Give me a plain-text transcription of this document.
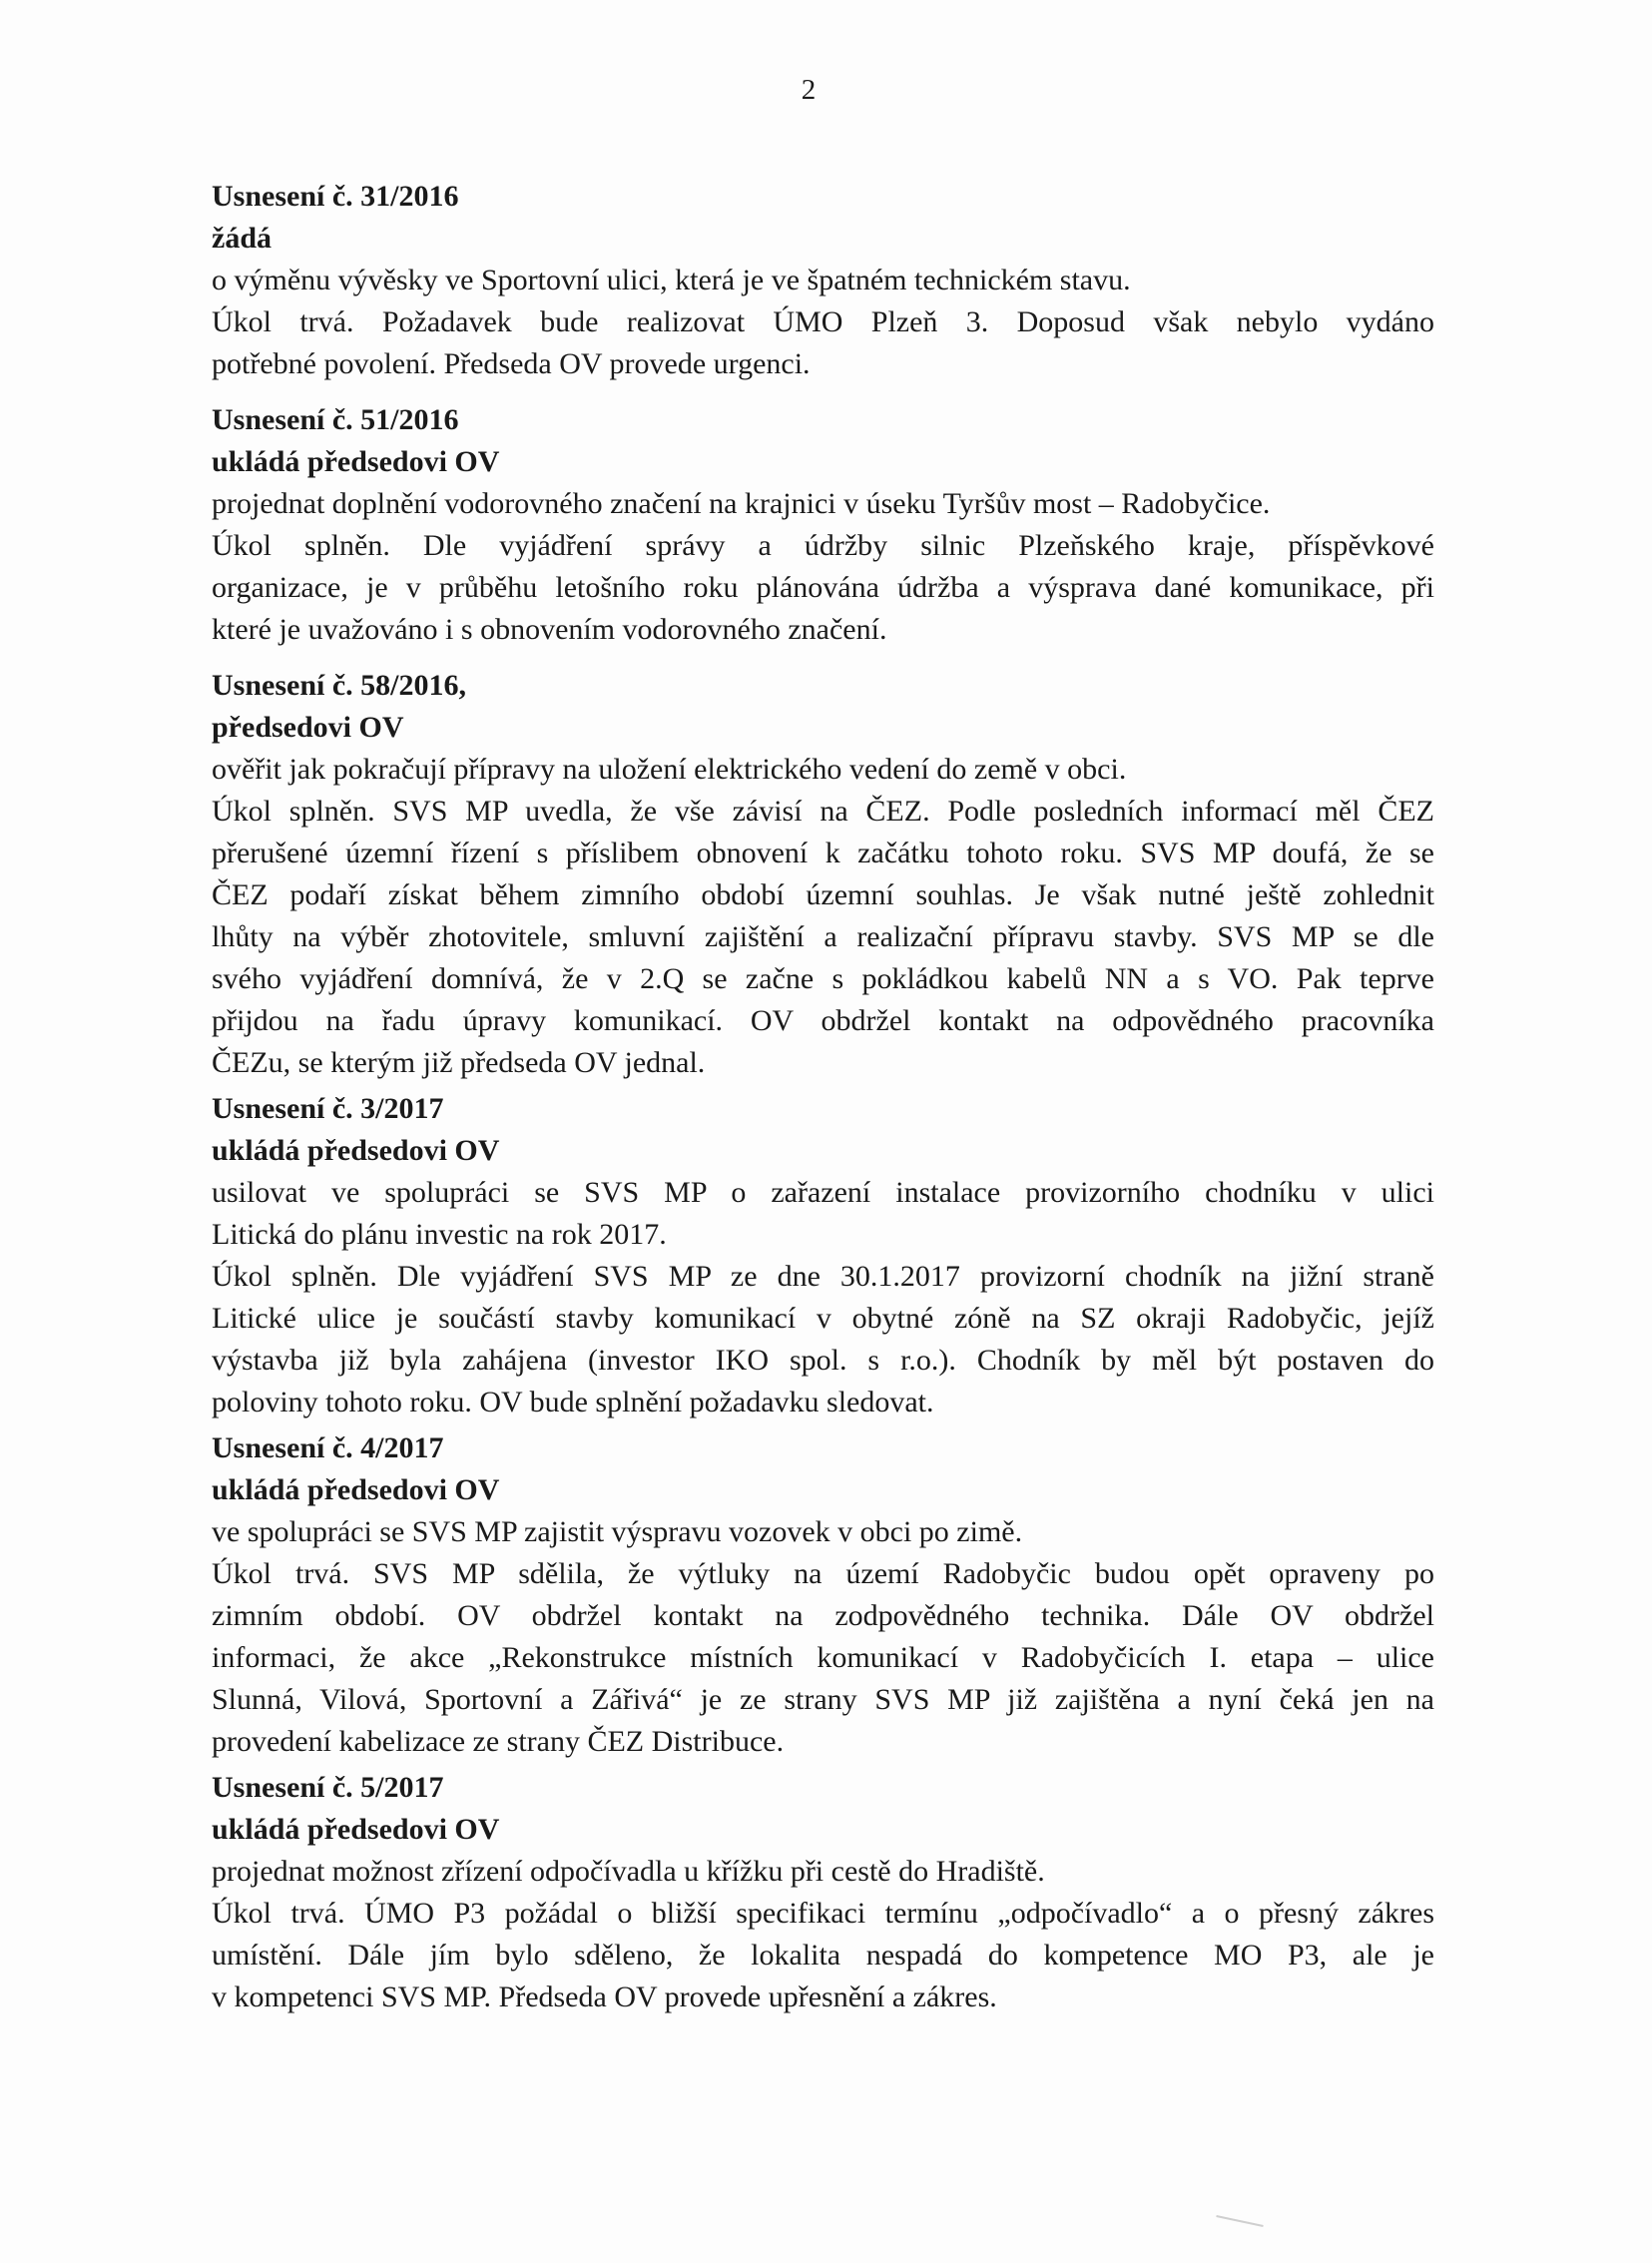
2
Usnesení č. 31/2016
žádá
o výměnu vývěsky ve Sportovní ulici, která je ve špatném technickém stavu.
Úkol trvá. Požadavek bude realizovat ÚMO Plzeň 3. Doposud však nebylo vydáno
potřebné povolení. Předseda OV provede urgenci.
Usnesení č. 51/2016
ukládá předsedovi OV
projednat doplnění vodorovného značení na krajnici v úseku Tyršův most – Radobyčice.
Úkol splněn. Dle vyjádření správy a údržby silnic Plzeňského kraje, příspěvkové
organizace, je v průběhu letošního roku plánována údržba a výsprava dané komunikace, při
které je uvažováno i s obnovením vodorovného značení.
Usnesení č. 58/2016,
předsedovi OV
ověřit jak pokračují přípravy na uložení elektrického vedení do země v obci.
Úkol splněn. SVS MP uvedla, že vše závisí na ČEZ. Podle posledních informací měl ČEZ
přerušené územní řízení s příslibem obnovení k začátku tohoto roku. SVS MP doufá, že se
ČEZ podaří získat během zimního období územní souhlas. Je však nutné ještě zohlednit
lhůty na výběr zhotovitele, smluvní zajištění a realizační přípravu stavby. SVS MP se dle
svého vyjádření domnívá, že v 2.Q se začne s pokládkou kabelů NN a s VO. Pak teprve
přijdou na řadu úpravy komunikací. OV obdržel kontakt na odpovědného pracovníka
ČEZu, se kterým již předseda OV jednal.
Usnesení č. 3/2017
ukládá předsedovi OV
usilovat ve spolupráci se SVS MP o zařazení instalace provizorního chodníku v ulici
Litická do plánu investic na rok 2017.
Úkol splněn. Dle vyjádření SVS MP ze dne 30.1.2017 provizorní chodník na jižní straně
Litické ulice je součástí stavby komunikací v obytné zóně na SZ okraji Radobyčic, jejíž
výstavba již byla zahájena (investor IKO spol. s r.o.). Chodník by měl být postaven do
poloviny tohoto roku. OV bude splnění požadavku sledovat.
Usnesení č. 4/2017
ukládá předsedovi OV
ve spolupráci se SVS MP zajistit výspravu vozovek v obci po zimě.
Úkol trvá. SVS MP sdělila, že výtluky na území Radobyčic budou opět opraveny po
zimním období. OV obdržel kontakt na zodpovědného technika. Dále OV obdržel
informaci, že akce „Rekonstrukce místních komunikací v Radobyčicích I. etapa – ulice
Slunná, Vilová, Sportovní a Zářivá“ je ze strany SVS MP již zajištěna a nyní čeká jen na
provedení kabelizace ze strany ČEZ Distribuce.
Usnesení č. 5/2017
ukládá předsedovi OV
projednat možnost zřízení odpočívadla u křížku při cestě do Hradiště.
Úkol trvá. ÚMO P3 požádal o bližší specifikaci termínu „odpočívadlo“ a o přesný zákres
umístění. Dále jím bylo sděleno, že lokalita nespadá do kompetence MO P3, ale je
v kompetenci SVS MP. Předseda OV provede upřesnění a zákres.
